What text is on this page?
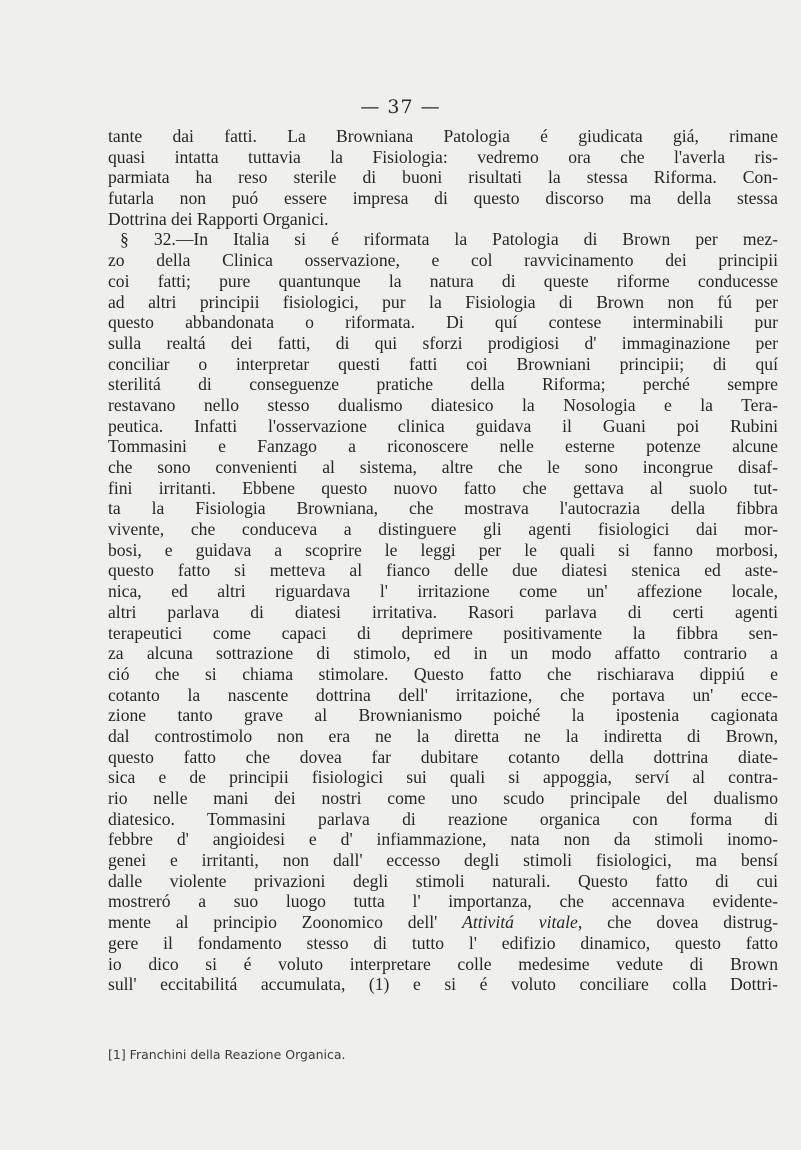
— 37 —
tante dai fatti. La Browniana Patologia é giudicata giá, rimane
quasi intatta tuttavia la Fisiologia: vedremo ora che l'averla ris-
parmiata ha reso sterile di buoni risultati la stessa Riforma. Con-
futarla non puó essere impresa di questo discorso ma della stessa
Dottrina dei Rapporti Organici.
§ 32.—In Italia si é riformata la Patologia di Brown per mez-
zo della Clinica osservazione, e col ravvicinamento dei principii
coi fatti; pure quantunque la natura di queste riforme conducesse
ad altri principii fisiologici, pur la Fisiologia di Brown non fú per
questo abbandonata o riformata. Di quí contese interminabili pur
sulla realtá dei fatti, di qui sforzi prodigiosi d' immaginazione per
conciliar o interpretar questi fatti coi Browniani principii; di quí
sterilitá di conseguenze pratiche della Riforma; perché sempre
restavano nello stesso dualismo diatesico la Nosologia e la Tera-
peutica. Infatti l'osservazione clinica guidava il Guani poi Rubini
Tommasini e Fanzago a riconoscere nelle esterne potenze alcune
che sono convenienti al sistema, altre che le sono incongrue disaf-
fini irritanti. Ebbene questo nuovo fatto che gettava al suolo tut-
ta la Fisiologia Browniana, che mostrava l'autocrazia della fibbra
vivente, che conduceva a distinguere gli agenti fisiologici dai mor-
bosi, e guidava a scoprire le leggi per le quali si fanno morbosi,
questo fatto si metteva al fianco delle due diatesi stenica ed aste-
nica, ed altri riguardava l' irritazione come un' affezione locale,
altri parlava di diatesi irritativa. Rasori parlava di certi agenti
terapeutici come capaci di deprimere positivamente la fibbra sen-
za alcuna sottrazione di stimolo, ed in un modo affatto contrario a
ció che si chiama stimolare. Questo fatto che rischiarava dippiú e
cotanto la nascente dottrina dell' irritazione, che portava un' ecce-
zione tanto grave al Brownianismo poiché la ipostenia cagionata
dal controstimolo non era ne la diretta ne la indiretta di Brown,
questo fatto che dovea far dubitare cotanto della dottrina diate-
sica e de principii fisiologici sui quali si appoggia, serví al contra-
rio nelle mani dei nostri come uno scudo principale del dualismo
diatesico. Tommasini parlava di reazione organica con forma di
febbre d' angioidesi e d' infiammazione, nata non da stimoli inomo-
genei e irritanti, non dall' eccesso degli stimoli fisiologici, ma bensí
dalle violente privazioni degli stimoli naturali. Questo fatto di cui
mostreró a suo luogo tutta l' importanza, che accennava evidente-
mente al principio Zoonomico dell' Attivitá vitale, che dovea distrug-
gere il fondamento stesso di tutto l' edifizio dinamico, questo fatto
io dico si é voluto interpretare colle medesime vedute di Brown
sull' eccitabilitá accumulata, (1) e si é voluto conciliare colla Dottri-
[1] Franchini della Reazione Organica.
